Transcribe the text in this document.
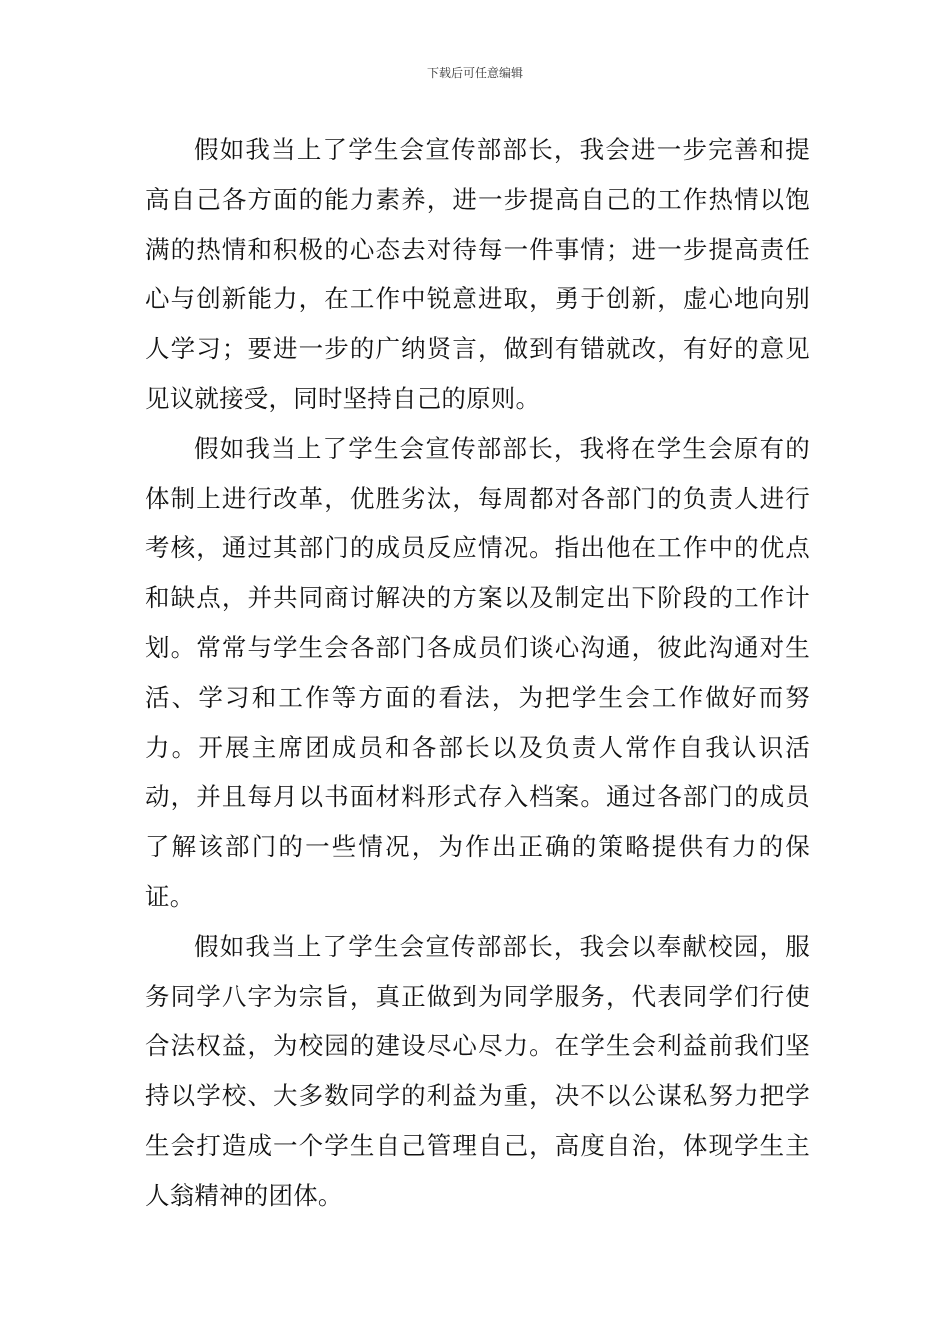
下载后可任意编辑

假如我当上了学生会宣传部部长，我会进一步完善和提高自己各方面的能力素养，进一步提高自己的工作热情以饱满的热情和积极的心态去对待每一件事情；进一步提高责任心与创新能力，在工作中锐意进取，勇于创新，虚心地向别人学习；要进一步的广纳贤言，做到有错就改，有好的意见见议就接受，同时坚持自己的原则。

假如我当上了学生会宣传部部长，我将在学生会原有的体制上进行改革，优胜劣汰，每周都对各部门的负责人进行考核，通过其部门的成员反应情况。指出他在工作中的优点和缺点，并共同商讨解决的方案以及制定出下阶段的工作计划。常常与学生会各部门各成员们谈心沟通，彼此沟通对生活、学习和工作等方面的看法，为把学生会工作做好而努力。开展主席团成员和各部长以及负责人常作自我认识活动，并且每月以书面材料形式存入档案。通过各部门的成员了解该部门的一些情况，为作出正确的策略提供有力的保证。

假如我当上了学生会宣传部部长，我会以奉献校园，服务同学八字为宗旨，真正做到为同学服务，代表同学们行使合法权益，为校园的建设尽心尽力。在学生会利益前我们坚持以学校、大多数同学的利益为重，决不以公谋私努力把学生会打造成一个学生自己管理自己，高度自治，体现学生主人翁精神的团体。
